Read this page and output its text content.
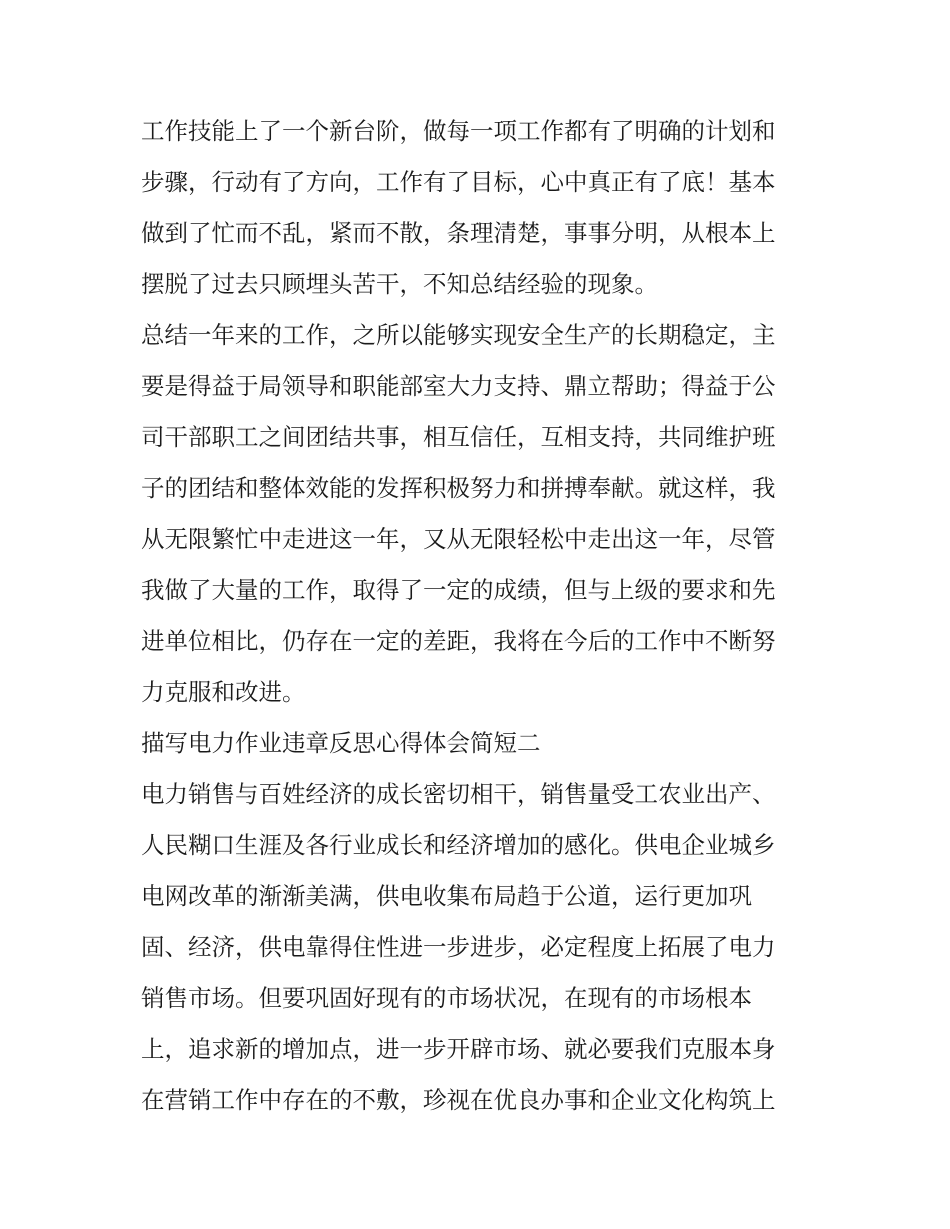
工作技能上了一个新台阶，做每一项工作都有了明确的计划和
步骤，行动有了方向，工作有了目标，心中真正有了底！基本
做到了忙而不乱，紧而不散，条理清楚，事事分明，从根本上
摆脱了过去只顾埋头苦干，不知总结经验的现象。
总结一年来的工作，之所以能够实现安全生产的长期稳定，主
要是得益于局领导和职能部室大力支持、鼎立帮助；得益于公
司干部职工之间团结共事，相互信任，互相支持，共同维护班
子的团结和整体效能的发挥积极努力和拼搏奉献。就这样，我
从无限繁忙中走进这一年，又从无限轻松中走出这一年，尽管
我做了大量的工作，取得了一定的成绩，但与上级的要求和先
进单位相比，仍存在一定的差距，我将在今后的工作中不断努
力克服和改进。
描写电力作业违章反思心得体会简短二
电力销售与百姓经济的成长密切相干，销售量受工农业出产、
人民糊口生涯及各行业成长和经济增加的感化。供电企业城乡
电网改革的渐渐美满，供电收集布局趋于公道，运行更加巩
固、经济，供电靠得住性进一步进步，必定程度上拓展了电力
销售市场。但要巩固好现有的市场状况，在现有的市场根本
上，追求新的增加点，进一步开辟市场、就必要我们克服本身
在营销工作中存在的不敷，珍视在优良办事和企业文化构筑上
